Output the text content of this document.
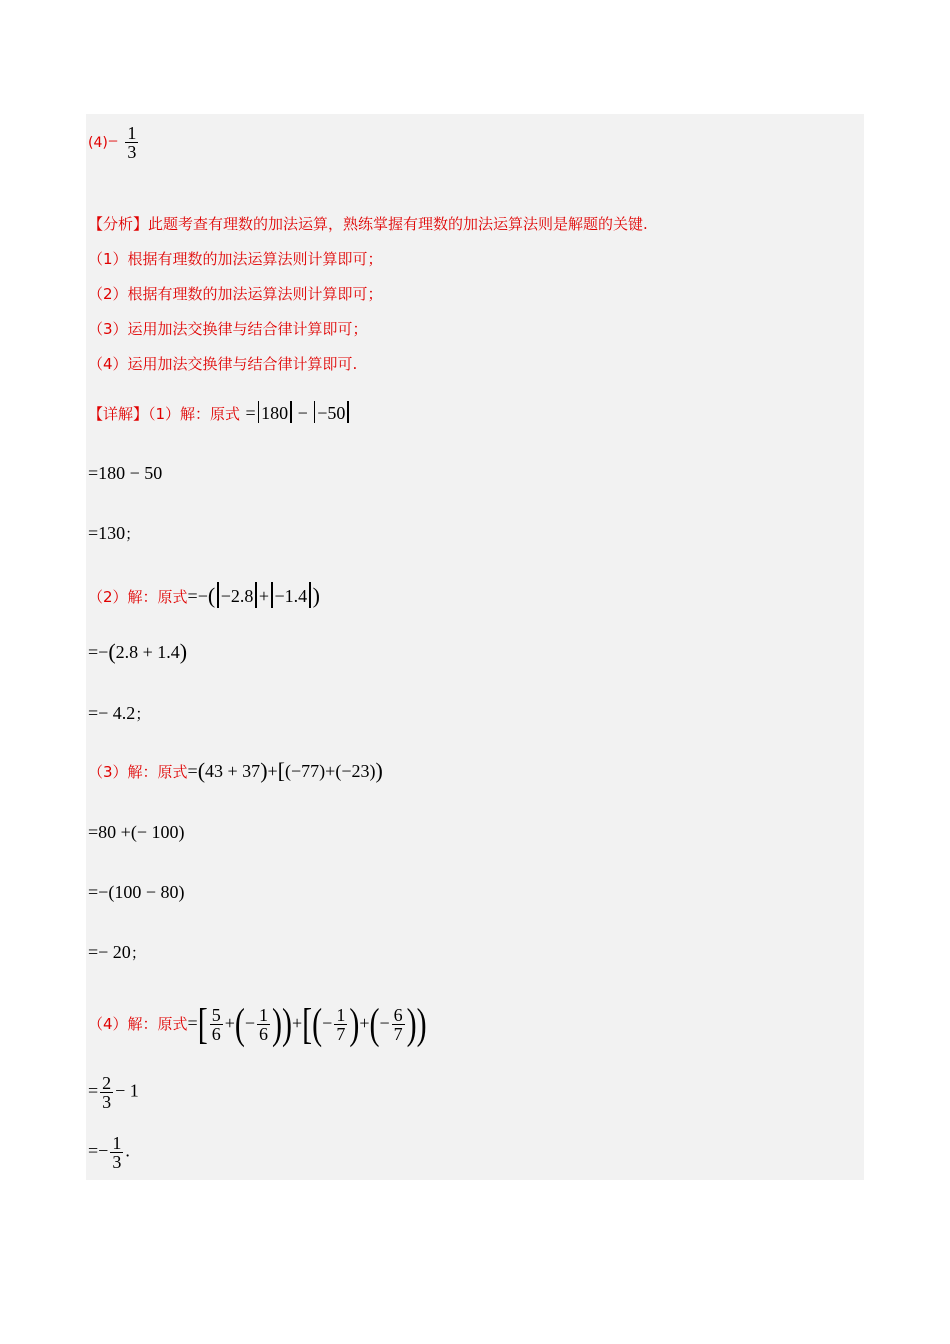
$(4)- \frac{1}{3}$
【分析】此题考查有理数的加法运算，熟练掌握有理数的加法运算法则是解题的关键.
（1）根据有理数的加法运算法则计算即可；
（2）根据有理数的加法运算法则计算即可；
（3）运用加法交换律与结合律计算即可；
（4）运用加法交换律与结合律计算即可.
【详解】（1）解：原式 = 180 − −50
=180 − 50
=130；
（2）解：原式=−( −2.8 + −1.4 )
=−(2.8 + 1.4)
=− 4.2；
（3）解：原式=(43 + 37)+[(−77)+(−23))
=80 +(− 100)
=−(100 − 80)
=− 20；
（4）解：原式=[ $\frac{5}{6}$ +(− $\frac{1}{6}$ ))+[(− $\frac{1}{7}$ )+(− $\frac{6}{7}$ ))
= $\frac{2}{3} - 1$
=− $\frac{1}{3}$ .
